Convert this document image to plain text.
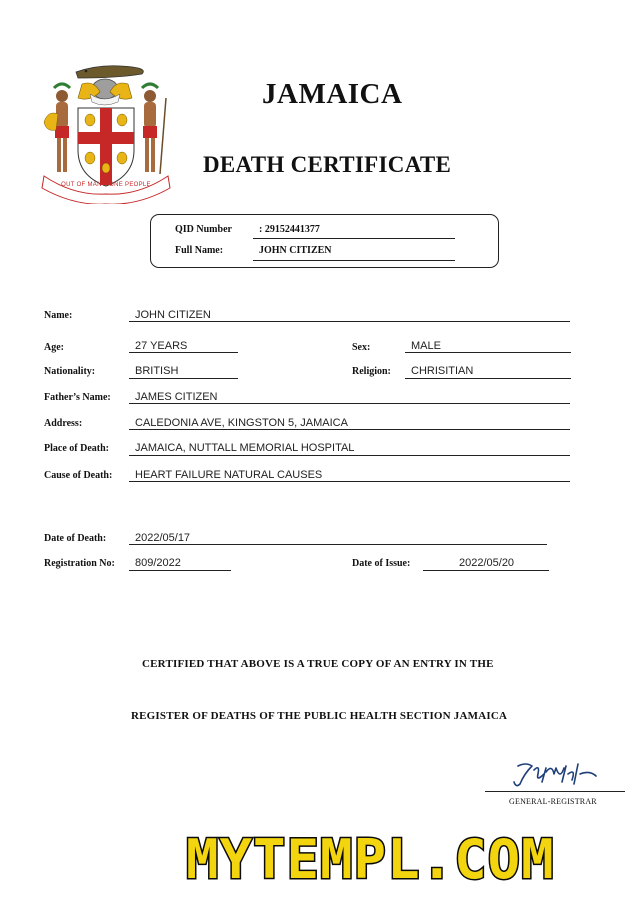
OUT OF MANY, ONE PEOPLE
JAMAICA
DEATH CERTIFICATE
QID Number	: 29152441377
Full Name:	JOHN CITIZEN
Name:	JOHN CITIZEN
Age:	27 YEARS	Sex:	MALE
Nationality:	BRITISH	Religion: CHRISITIAN
Father’s Name: JAMES CITIZEN
Address:	CALEDONIA AVE, KINGSTON 5, JAMAICA
Place of Death: JAMAICA, NUTTALL MEMORIAL HOSPITAL
Cause of Death: HEART FAILURE NATURAL CAUSES
Date of Death:	2022/05/17
Registration No: 809/2022	Date of Issue:	2022/05/20
CERTIFIED THAT ABOVE IS A TRUE COPY OF AN ENTRY IN THE
REGISTER OF DEATHS OF THE PUBLIC HEALTH SECTION JAMAICA
GENERAL-REGISTRAR
MYTEMPL.COM
